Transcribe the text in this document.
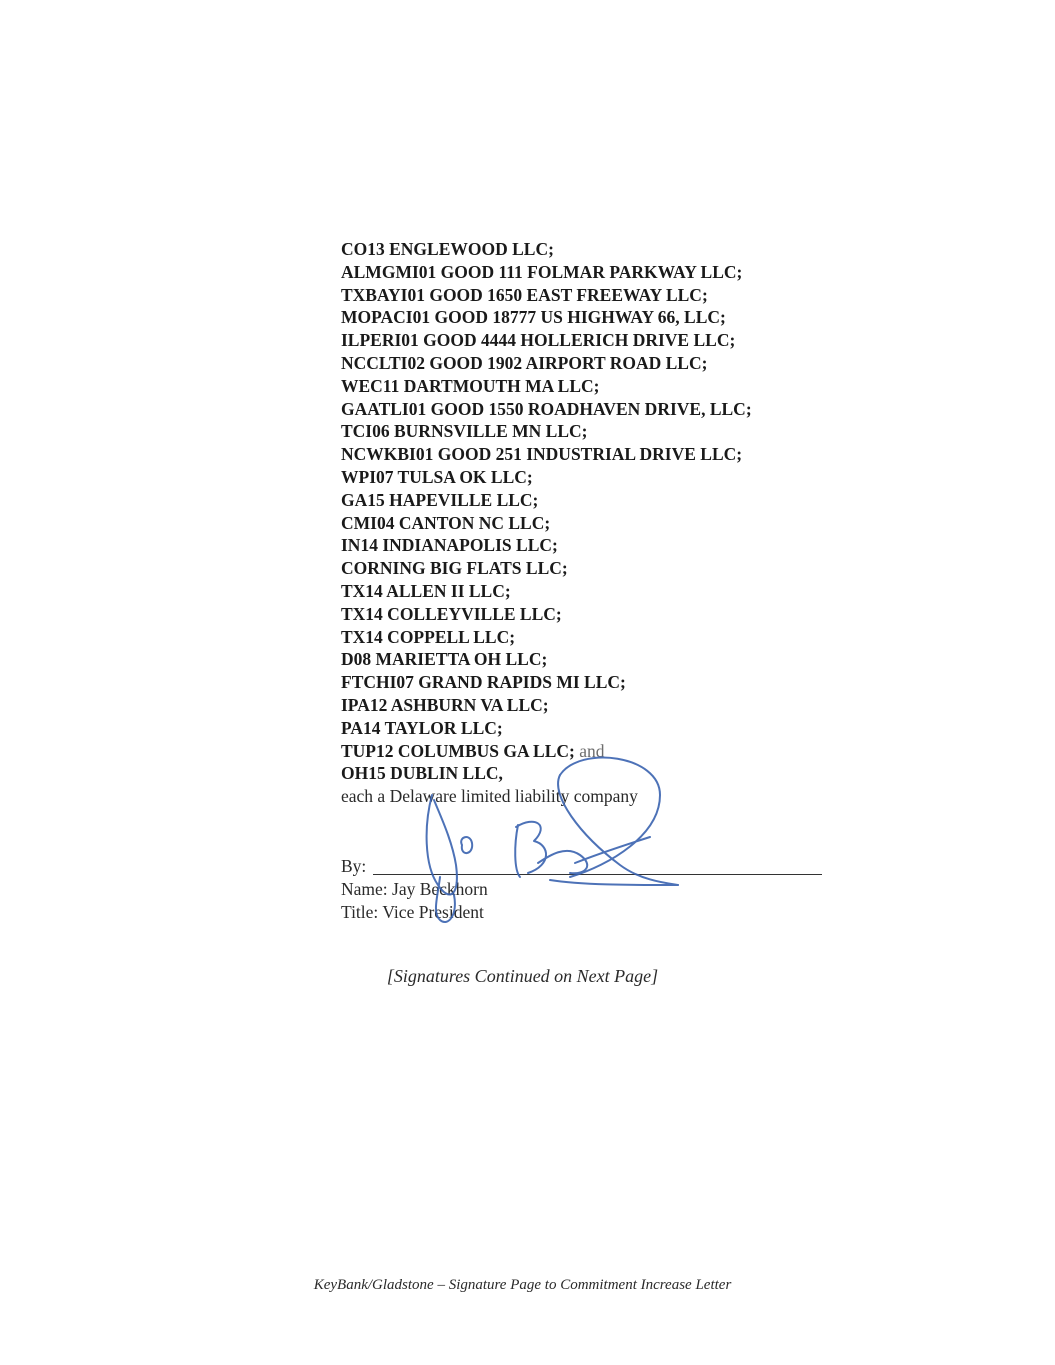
CO13 ENGLEWOOD LLC;
ALMGMI01 GOOD 111 FOLMAR PARKWAY LLC;
TXBAYI01 GOOD 1650 EAST FREEWAY LLC;
MOPACI01 GOOD 18777 US HIGHWAY 66, LLC;
ILPERI01 GOOD 4444 HOLLERICH DRIVE LLC;
NCCLTI02 GOOD 1902 AIRPORT ROAD LLC;
WEC11 DARTMOUTH MA LLC;
GAATLI01 GOOD 1550 ROADHAVEN DRIVE, LLC;
TCI06 BURNSVILLE MN LLC;
NCWKBI01 GOOD 251 INDUSTRIAL DRIVE LLC;
WPI07 TULSA OK LLC;
GA15 HAPEVILLE LLC;
CMI04 CANTON NC LLC;
IN14 INDIANAPOLIS LLC;
CORNING BIG FLATS LLC;
TX14 ALLEN II LLC;
TX14 COLLEYVILLE LLC;
TX14 COPPELL LLC;
D08 MARIETTA OH LLC;
FTCHI07 GRAND RAPIDS MI LLC;
IPA12 ASHBURN VA LLC;
PA14 TAYLOR LLC;
TUP12 COLUMBUS GA LLC; and
OH15 DUBLIN LLC,
each a Delaware limited liability company
By:
Name: Jay Beckhorn
Title: Vice President
[Signatures Continued on Next Page]
KeyBank/Gladstone – Signature Page to Commitment Increase Letter
